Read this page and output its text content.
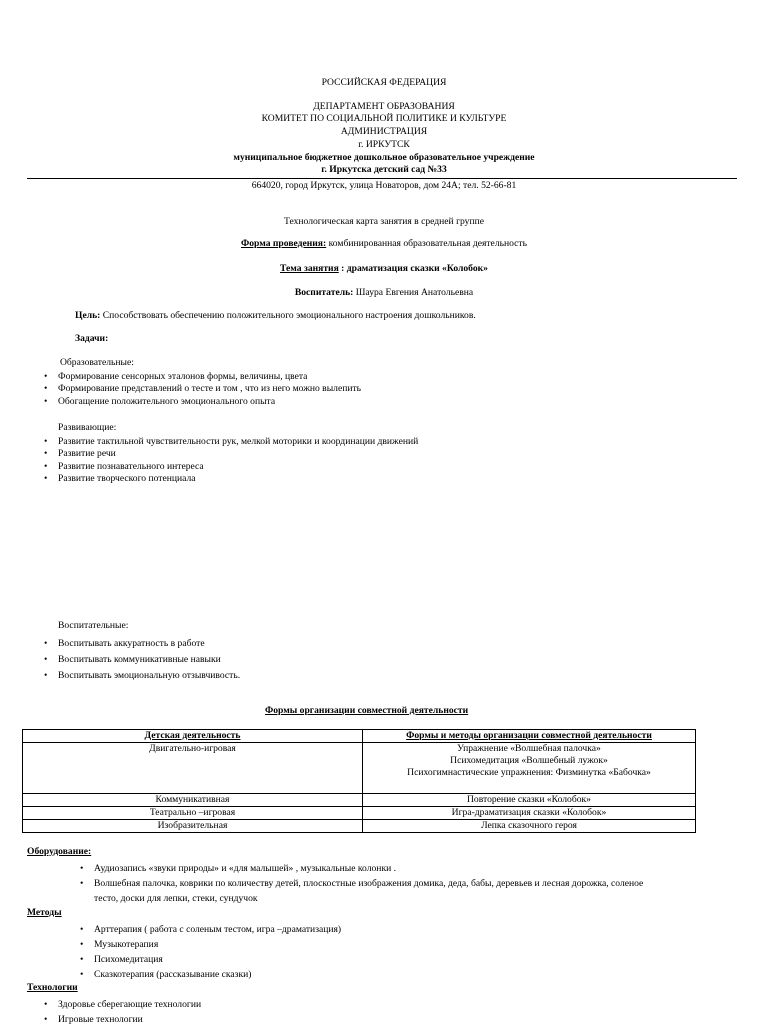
РОССИЙСКАЯ ФЕДЕРАЦИЯ
ДЕПАРТАМЕНТ ОБРАЗОВАНИЯ
КОМИТЕТ ПО СОЦИАЛЬНОЙ ПОЛИТИКЕ И КУЛЬТУРЕ
АДМИНИСТРАЦИЯ
г. ИРКУТСК
муниципальное бюджетное дошкольное образовательное учреждение
г. Иркутска детский сад №33
664020, город Иркутск, улица Новаторов, дом 24А; тел. 52-66-81
Технологическая карта занятия в средней группе
Форма проведения: комбинированная образовательная деятельность
Тема занятия : драматизация сказки «Колобок»
Воспитатель: Шаура Евгения Анатольевна
Цель: Способствовать обеспечению положительного эмоционального настроения дошкольников.
Задачи:
Образовательные:
• Формирование сенсорных эталонов формы, величины, цвета
• Формирование представлений о тесте и том , что из него можно вылепить
• Обогащение положительного эмоционального опыта
Развивающие:
• Развитие тактильной чувствительности рук, мелкой моторики и координации движений
• Развитие речи
• Развитие познавательного интереса
• Развитие творческого потенциала
Воспитательные:
• Воспитывать аккуратность в работе
• Воспитывать коммуникативные навыки
• Воспитывать эмоциональную отзывчивость.
Формы организации совместной деятельности
Детская деятельность	Формы и методы организации совместной деятельности
Двигательно-игровая	Упражнение «Волшебная палочка»
Психомедитация «Волшебный лужок»
Психогимнастические упражнения: Физминутка «Бабочка»

Коммуникативная	Повторение сказки «Колобок»
Театрально –игровая	Игра-драматизация сказки «Колобок»
Изобразительная	Лепка сказочного героя
Оборудование:
• Аудиозапись «звуки природы» и «для малышей» , музыкальные колонки .
• Волшебная палочка, коврики по количеству детей, плоскостные изображения домика, деда, бабы, деревьев и лесная дорожка, соленое
тесто, доски для лепки, стеки, сундучок
Методы
• Арттерапия ( работа с соленым тестом, игра –драматизация)
• Музыкотерапия
• Психомедитация
• Сказкотерапия (рассказывание сказки)
Технологии
• Здоровье сберегающие технологии
• Игровые технологии
